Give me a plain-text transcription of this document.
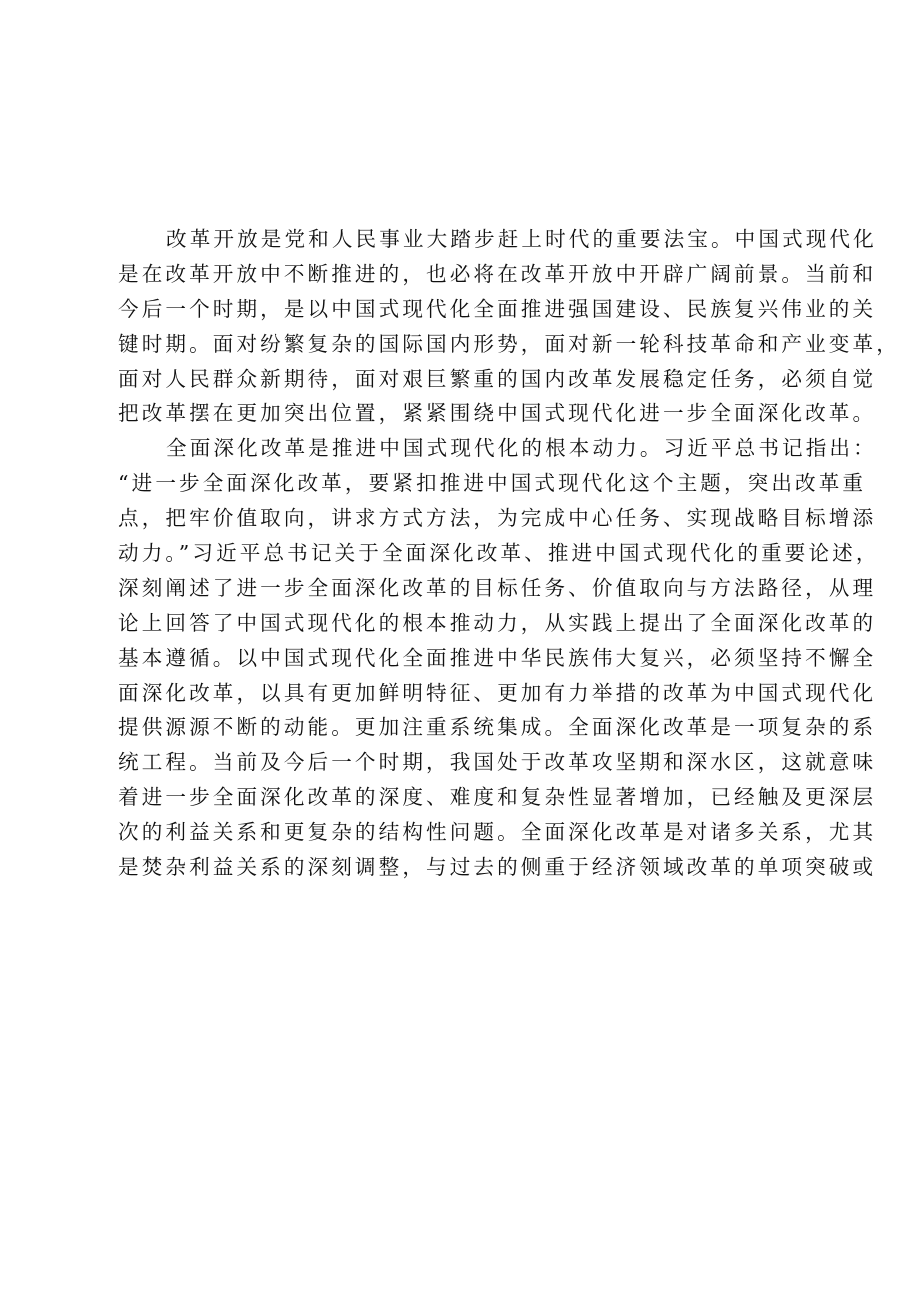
改革开放是党和人民事业大踏步赶上时代的重要法宝。中国式现代化
是在改革开放中不断推进的，也必将在改革开放中开辟广阔前景。当前和
今后一个时期，是以中国式现代化全面推进强国建设、民族复兴伟业的关
键时期。面对纷繁复杂的国际国内形势，面对新一轮科技革命和产业变革，
面对人民群众新期待，面对艰巨繁重的国内改革发展稳定任务，必须自觉
把改革摆在更加突出位置，紧紧围绕中国式现代化进一步全面深化改革。
全面深化改革是推进中国式现代化的根本动力。习近平总书记指出：
“进一步全面深化改革，要紧扣推进中国式现代化这个主题，突出改革重
点，把牢价值取向，讲求方式方法，为完成中心任务、实现战略目标增添
动力。”习近平总书记关于全面深化改革、推进中国式现代化的重要论述，
深刻阐述了进一步全面深化改革的目标任务、价值取向与方法路径，从理
论上回答了中国式现代化的根本推动力，从实践上提出了全面深化改革的
基本遵循。以中国式现代化全面推进中华民族伟大复兴，必须坚持不懈全
面深化改革，以具有更加鲜明特征、更加有力举措的改革为中国式现代化
提供源源不断的动能。更加注重系统集成。全面深化改革是一项复杂的系
统工程。当前及今后一个时期，我国处于改革攻坚期和深水区，这就意味
着进一步全面深化改革的深度、难度和复杂性显著增加，已经触及更深层
次的利益关系和更复杂的结构性问题。全面深化改革是对诸多关系，尤其
是焚杂利益关系的深刻调整，与过去的侧重于经济领域改革的单项突破或
